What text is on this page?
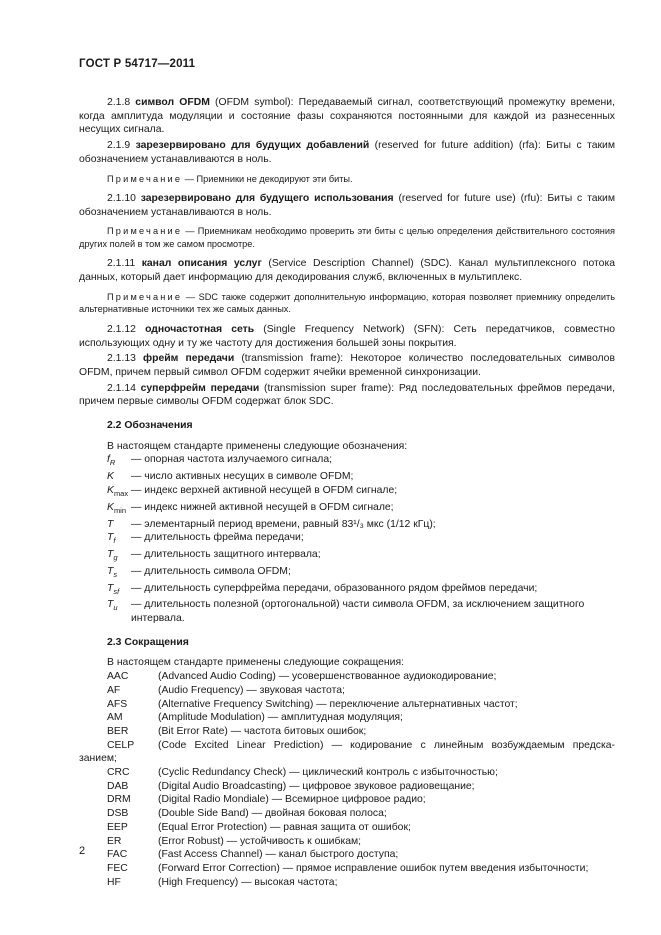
ГОСТ Р 54717—2011

2.1.8 символ OFDM (OFDM symbol): Передаваемый сигнал, соответствующий промежутку времени, когда амплитуда модуляции и состояние фазы сохраняются постоянными для каждой из разнесенных несущих сигнала.

2.1.9 зарезервировано для будущих добавлений (reserved for future addition) (rfa): Биты с таким обозначением устанавливаются в ноль.

Примечание — Приемники не декодируют эти биты.

2.1.10 зарезервировано для будущего использования (reserved for future use) (rfu): Биты с таким обозначением устанавливаются в ноль.

Примечание — Приемникам необходимо проверить эти биты с целью определения действительного состояния других полей в том же самом просмотре.

2.1.11 канал описания услуг (Service Description Channel) (SDC). Канал мультиплексного потока данных, который дает информацию для декодирования служб, включенных в мультиплекс.

Примечание — SDC также содержит дополнительную информацию, которая позволяет приемнику определить альтернативные источники тех же самых данных.

2.1.12 одночастотная сеть (Single Frequency Network) (SFN): Сеть передатчиков, совместно использующих одну и ту же частоту для достижения большей зоны покрытия.

2.1.13 фрейм передачи (transmission frame): Некоторое количество последовательных символов OFDM, причем первый символ OFDM содержит ячейки временной синхронизации.

2.1.14 суперфрейм передачи (transmission super frame): Ряд последовательных фреймов передачи, причем первые символы OFDM содержат блок SDC.

2.2 Обозначения

В настоящем стандарте применены следующие обозначения:

$f_R$	— опорная частота излучаемого сигнала;
K	— число активных несущих в символе OFDM;
$K_{max}$ — индекс верхней активной несущей в OFDM сигнале;
$K_{min}$ — индекс нижней активной несущей в OFDM сигнале;
T	— элементарный период времени, равный 83¹/₃ мкс (1/12 кГц);
$T_f$	— длительность фрейма передачи;
$T_g$	— длительность защитного интервала;
$T_s$	— длительность символа OFDM;
$T_{sf}$	— длительность суперфрейма передачи, образованного рядом фреймов передачи;
$T_u$	— длительность полезной (ортогональной) части символа OFDM, за исключением защитного интервала.

2.3 Сокращения

В настоящем стандарте применены следующие сокращения:

AAC	(Advanced Audio Coding) — усовершенствованное аудиокодирование;
AF	(Audio Frequency) — звуковая частота;
AFS	(Alternative Frequency Switching) — переключение альтернативных частот;
AM	(Amplitude Modulation) — амплитудная модуляция;
BER	(Bit Error Rate) — частота битовых ошибок;
CELP	(Code Excited Linear Prediction) — кодирование с линейным возбуждаемым предска-
занием;
CRC	(Cyclic Redundancy Check) — циклический контроль с избыточностью;
DAB	(Digital Audio Broadcasting) — цифровое звуковое радиовещание;
DRM	(Digital Radio Mondiale) — Всемирное цифровое радио;
DSB	(Double Side Band) — двойная боковая полоса;
EEP	(Equal Error Protection) — равная защита от ошибок;
ER	(Error Robust) — устойчивость к ошибкам;
FAC	(Fast Access Channel) — канал быстрого доступа;
FEC	(Forward Error Correction) — прямое исправление ошибок путем введения избыточности;
HF	(High Frequency) — высокая частота;
2
